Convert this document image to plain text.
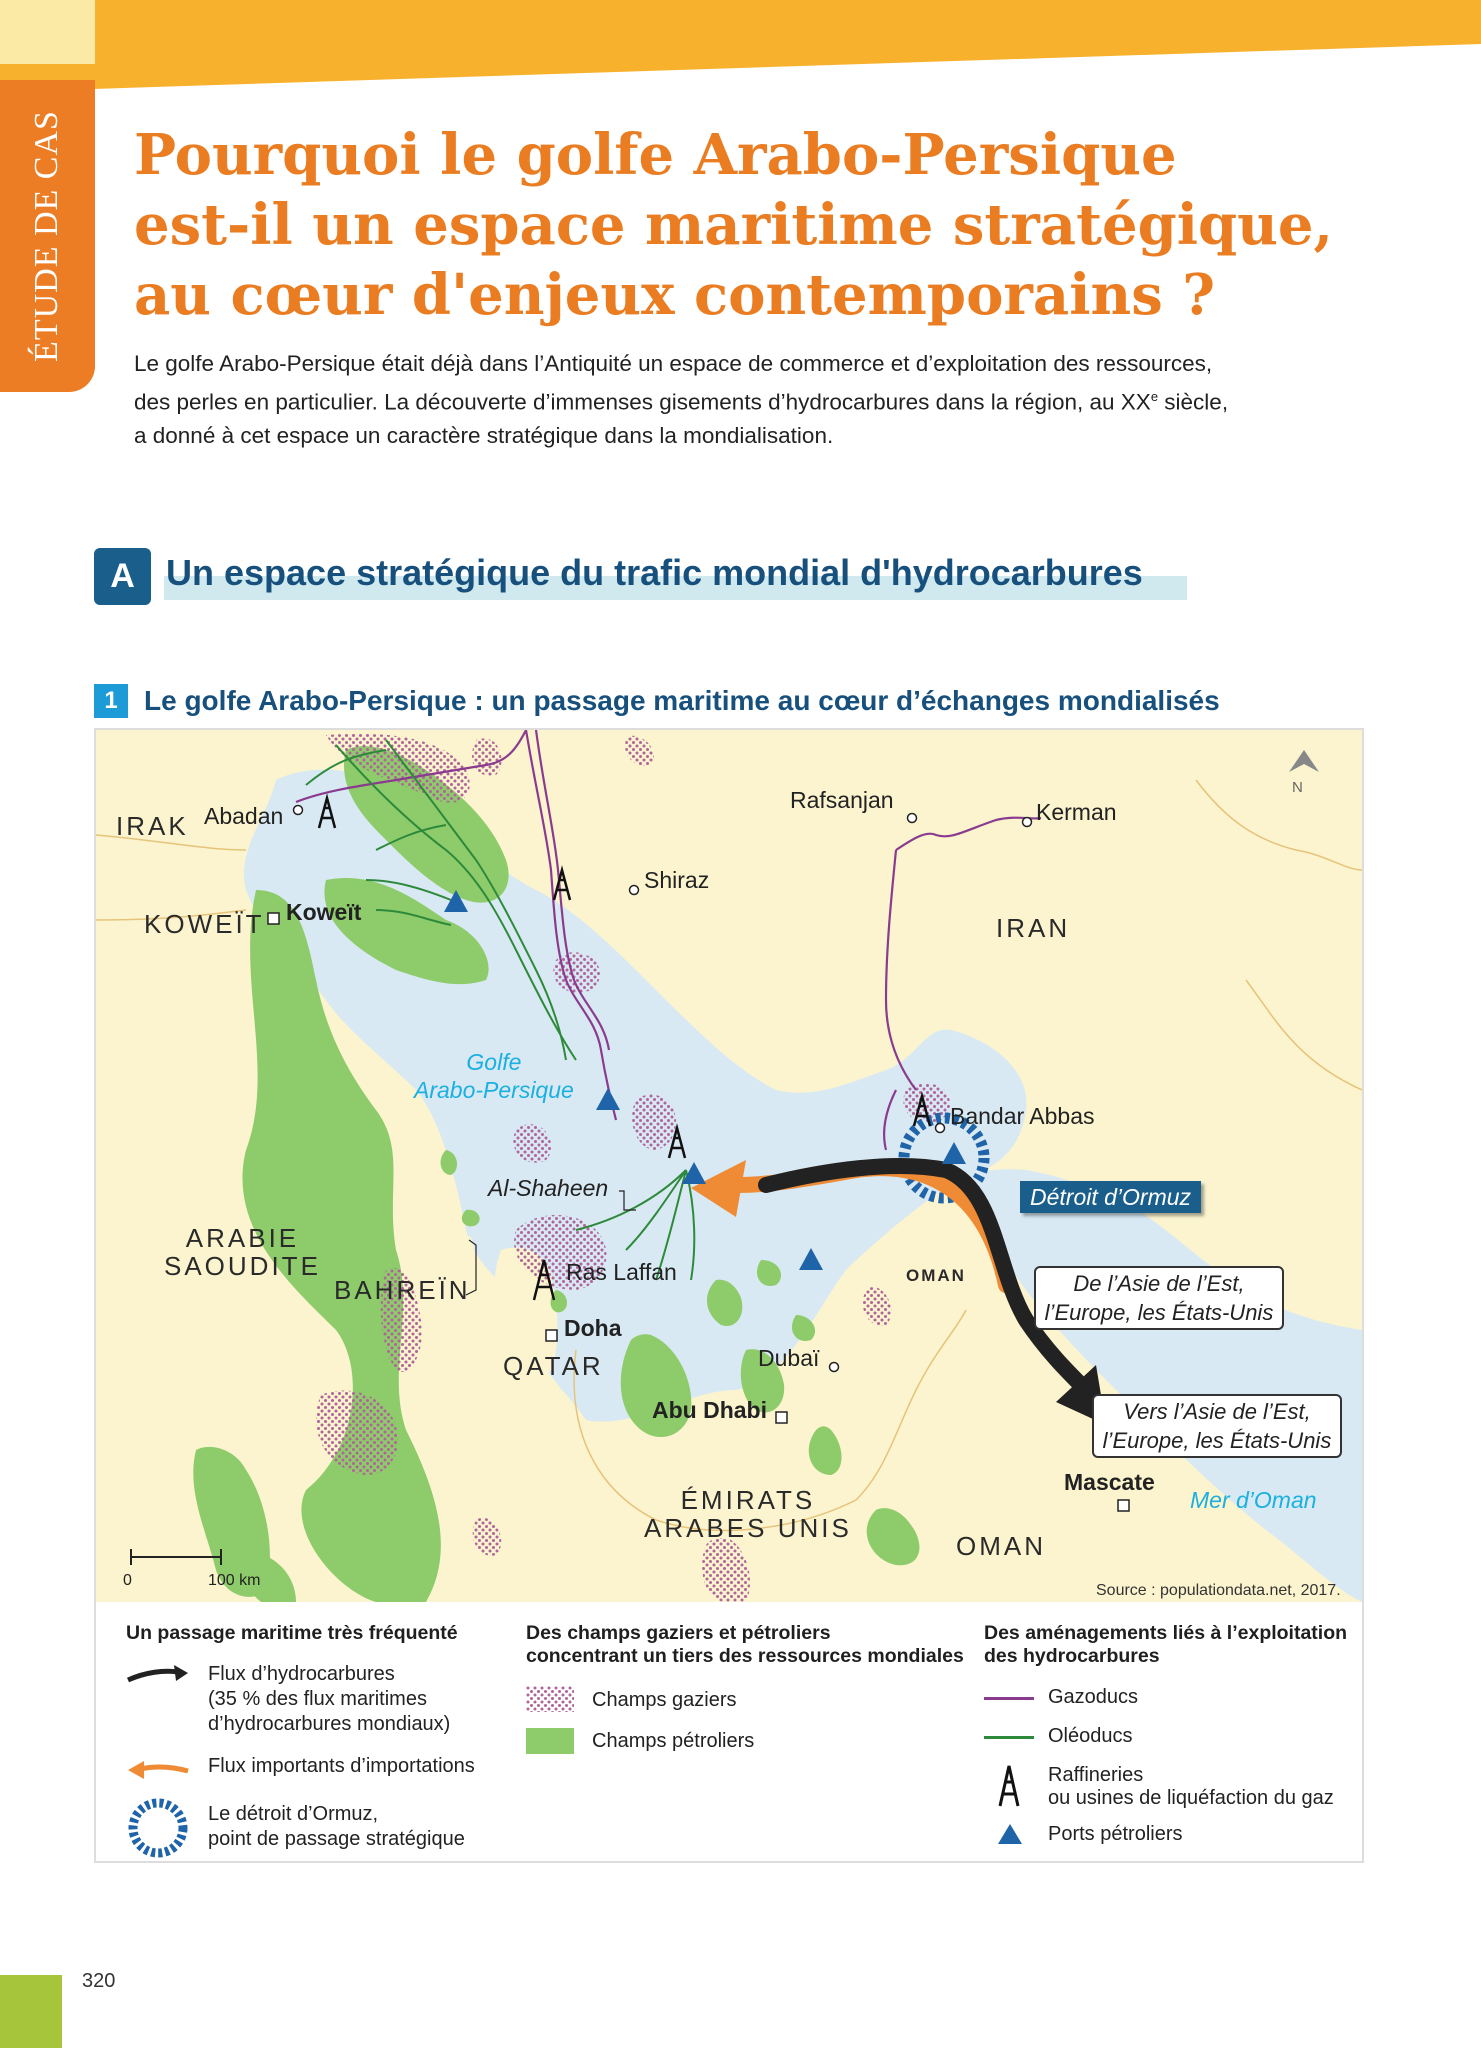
ÉTUDE DE CAS Pourquoi le golfe Arabo-Persique
est-il un espace maritime stratégique,
au cœur d'enjeux contemporains ?
Le golfe Arabo-Persique était déjà dans l’Antiquité un espace de commerce et d’exploitation des ressources,
des perles en particulier. La découverte d’immenses gisements d’hydrocarbures dans la région, au XXe siècle,
a donné à cet espace un caractère stratégique dans la mondialisation.
A Un espace stratégique du trafic mondial d'hydrocarbures
1 Le golfe Arabo-Persique : un passage maritime au cœur d’échanges mondialisés
N
IRAK
KOWEÏT	IRAN
ARABIE
SAOUDITE
BAHREÏN
QATAR
ÉMIRATS
ARABES UNIS
OMAN
OMAN
Abadan
Koweït
Shiraz
Rafsanjan	Kerman
Bandar Abbas
Al-Shaheen
Ras Laffan
Doha
Dubaï
Abu Dhabi
Mascate
Golfe
Arabo-Persique
Mer d’Oman
Détroit d’Ormuz
De l’Asie de l’Est,
l’Europe, les États-Unis
Vers l’Asie de l’Est,
l’Europe, les États-Unis
0	100 km
Source : populationdata.net, 2017.
Un passage maritime très fréquenté
Flux d’hydrocarbures
(35 % des flux maritimes
d’hydrocarbures mondiaux)
Flux importants d’importations
Le détroit d’Ormuz,
point de passage stratégique
Des champs gaziers et pétroliers
concentrant un tiers des ressources mondiales
Champs gaziers
Champs pétroliers
Des aménagements liés à l’exploitation
des hydrocarbures
Gazoducs
Oléoducs
Raffineries
ou usines de liquéfaction du gaz
Ports pétroliers
320
